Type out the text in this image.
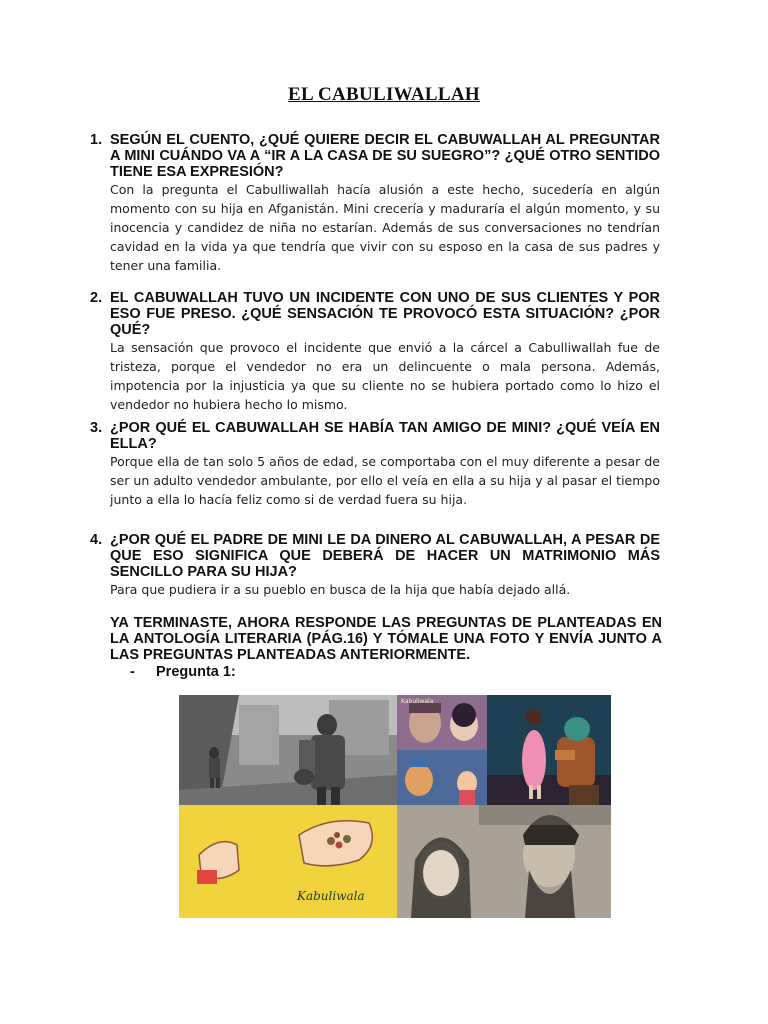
EL CABULIWALLAH
1. SEGÚN EL CUENTO, ¿QUÉ QUIERE DECIR EL CABUWALLAH AL PREGUNTAR A MINI CUÁNDO VA A “IR A LA CASA DE SU SUEGRO”? ¿QUÉ OTRO SENTIDO TIENE ESA EXPRESIÓN?
Con la pregunta el Cabulliwallah hacía alusión a este hecho, sucedería en algún momento con su hija en Afganistán. Mini crecería y maduraría el algún momento, y su inocencia y candidez de niña no estarían. Además de sus conversaciones no tendrían cavidad en la vida ya que tendría que vivir con su esposo en la casa de sus padres y tener una familia.
2. EL CABUWALLAH TUVO UN INCIDENTE CON UNO DE SUS CLIENTES Y POR ESO FUE PRESO. ¿QUÉ SENSACIÓN TE PROVOCÓ ESTA SITUACIÓN? ¿POR QUÉ?
La sensación que provoco el incidente que envió a la cárcel a Cabulliwallah fue de tristeza, porque el vendedor no era un delincuente o mala persona. Además, impotencia por la injusticia ya que su cliente no se hubiera portado como lo hizo el vendedor no hubiera hecho lo mismo.
3. ¿POR QUÉ EL CABUWALLAH SE HABÍA TAN AMIGO DE MINI? ¿QUÉ VEÍA EN ELLA?
Porque ella de tan solo 5 años de edad, se comportaba con el muy diferente a pesar de ser un adulto vendedor ambulante, por ello el veía en ella a su hija y al pasar el tiempo junto a ella lo hacía feliz como si de verdad fuera su hija.
4. ¿POR QUÉ EL PADRE DE MINI LE DA DINERO AL CABUWALLAH, A PESAR DE QUE ESO SIGNIFICA QUE DEBERÁ DE HACER UN MATRIMONIO MÁS SENCILLO PARA SU HIJA?
Para que pudiera ir a su pueblo en busca de la hija que había dejado allá.
YA TERMINASTE, AHORA RESPONDE LAS PREGUNTAS DE PLANTEADAS EN LA ANTOLOGÍA LITERARIA (PÁG.16) Y TÓMALE UNA FOTO Y ENVÍA JUNTO A LAS PREGUNTAS PLANTEADAS ANTERIORMENTE.
- Pregunta 1:
Kabuliwala
Kabuliwala
